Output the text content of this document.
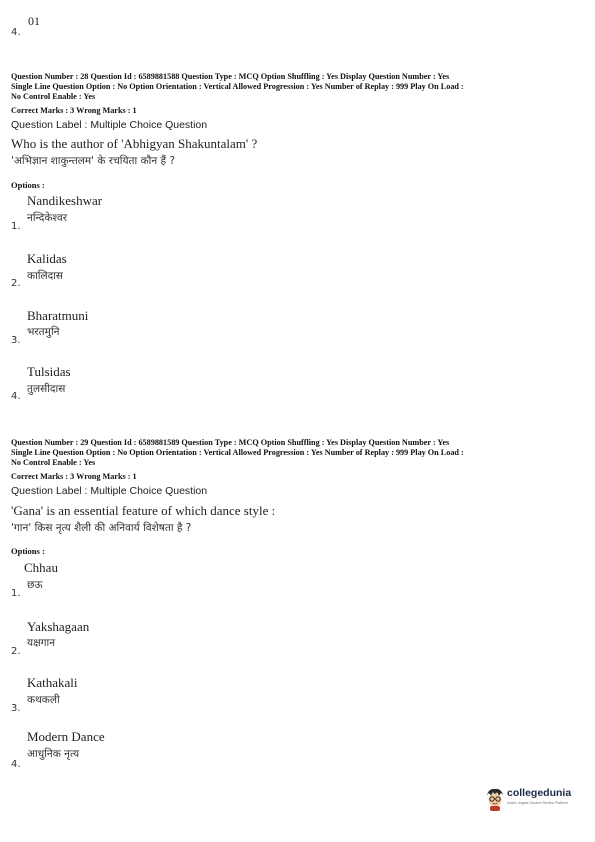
01
4.
Question Number : 28 Question Id : 6589881588 Question Type : MCQ Option Shuffling : Yes Display Question Number : Yes
Single Line Question Option : No Option Orientation : Vertical Allowed Progression : Yes Number of Replay : 999 Play On Load :
No Control Enable : Yes
Correct Marks : 3 Wrong Marks : 1
Question Label : Multiple Choice Question
Who is the author of 'Abhigyan Shakuntalam' ?
'अभिज्ञान शाकुन्तलम' के रचयिता कौन हैं ?
Options :
Nandikeshwar
नन्दिकेश्वर
1.
Kalidas
कालिदास
2.
Bharatmuni
भरतमुनि
3.
Tulsidas
तुलसीदास
4.
Question Number : 29 Question Id : 6589881589 Question Type : MCQ Option Shuffling : Yes Display Question Number : Yes
Single Line Question Option : No Option Orientation : Vertical Allowed Progression : Yes Number of Replay : 999 Play On Load :
No Control Enable : Yes
Correct Marks : 3 Wrong Marks : 1
Question Label : Multiple Choice Question
'Gana' is an essential feature of which dance style :
'गान' किस नृत्य शैली की अनिवार्य विशेषता है ?
Options :
Chhau
छऊ
1.
Yakshagaan
यक्षगान
2.
Kathakali
कथकली
3.
Modern Dance
आधुनिक नृत्य
4.
collegedunia
India's largest Student Review Platform
